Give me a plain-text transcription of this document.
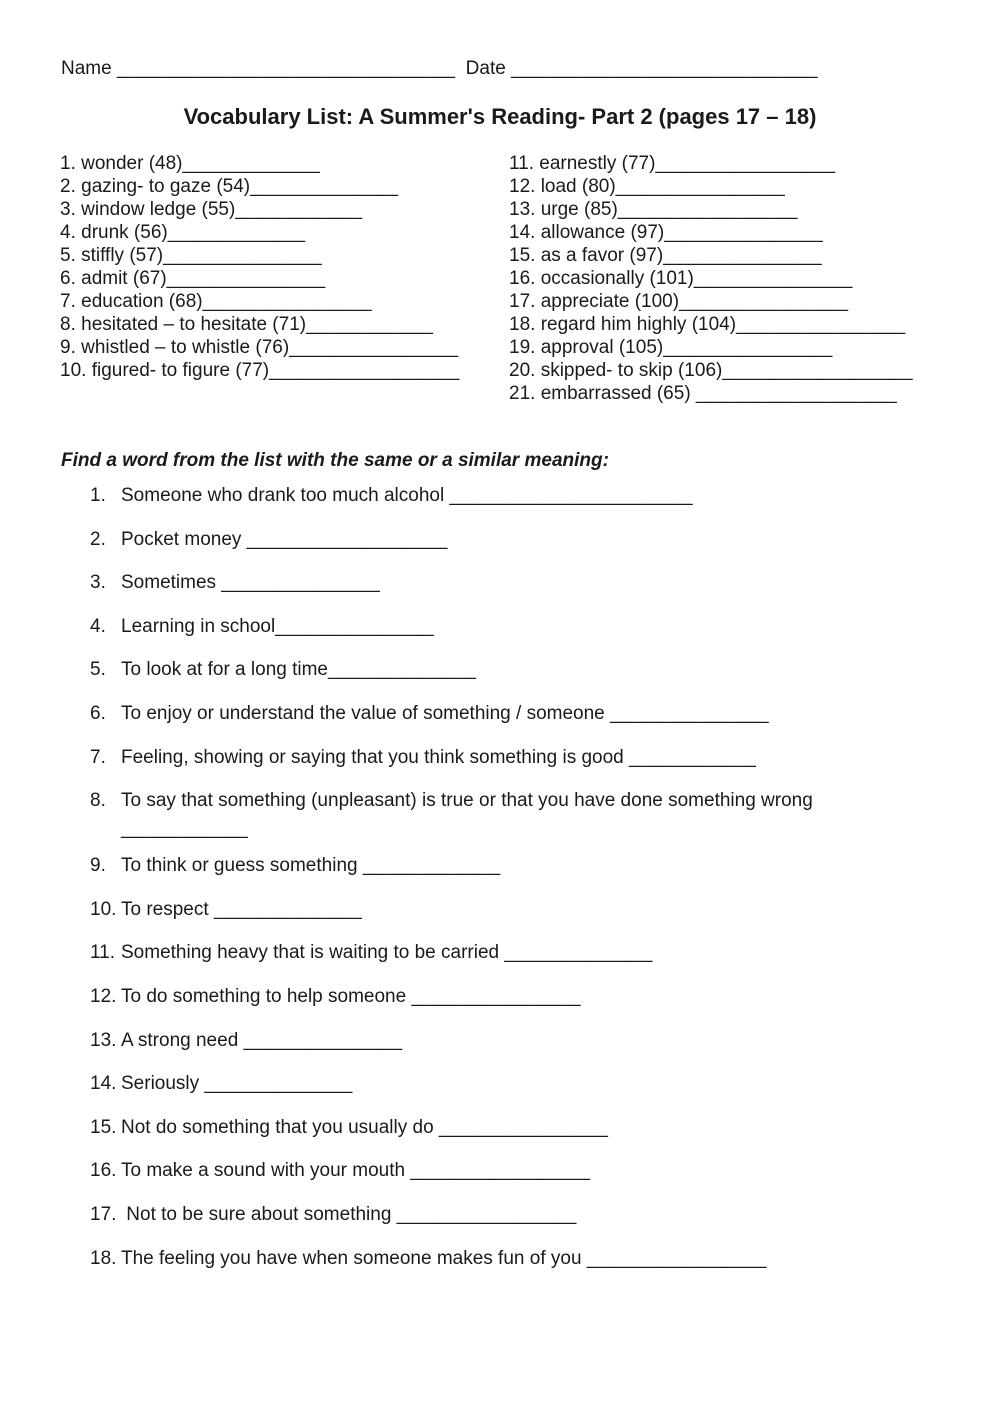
Name ________________________________  Date _____________________________
Vocabulary List: A Summer's Reading- Part 2 (pages 17 – 18)
1. wonder (48)_____________
2. gazing- to gaze (54)______________
3. window ledge (55)____________
4. drunk (56)_____________
5. stiffly (57)_______________
6. admit (67)_______________
7. education (68)________________
8. hesitated – to hesitate (71)____________
9. whistled – to whistle (76)________________
10. figured- to figure (77)__________________
11. earnestly (77)_________________
12. load (80)________________
13. urge (85)_________________
14. allowance (97)_______________
15. as a favor (97)_______________
16. occasionally (101)_______________
17. appreciate (100)________________
18. regard him highly (104)________________
19. approval (105)________________
20. skipped- to skip (106)__________________
21. embarrassed (65) ___________________
Find a word from the list with the same or a similar meaning:
1. Someone who drank too much alcohol _______________________
2. Pocket money ___________________
3. Sometimes _______________
4. Learning in school_______________
5. To look at for a long time______________
6. To enjoy or understand the value of something / someone _______________
7. Feeling, showing or saying that you think something is good ____________
8. To say that something (unpleasant) is true or that you have done something wrong
____________
9. To think or guess something _____________
10. To respect ______________
11. Something heavy that is waiting to be carried ______________
12. To do something to help someone ________________
13. A strong need _______________
14. Seriously ______________
15. Not do something that you usually do ________________
16. To make a sound with your mouth _________________
17. Not to be sure about something _________________
18. The feeling you have when someone makes fun of you _________________
